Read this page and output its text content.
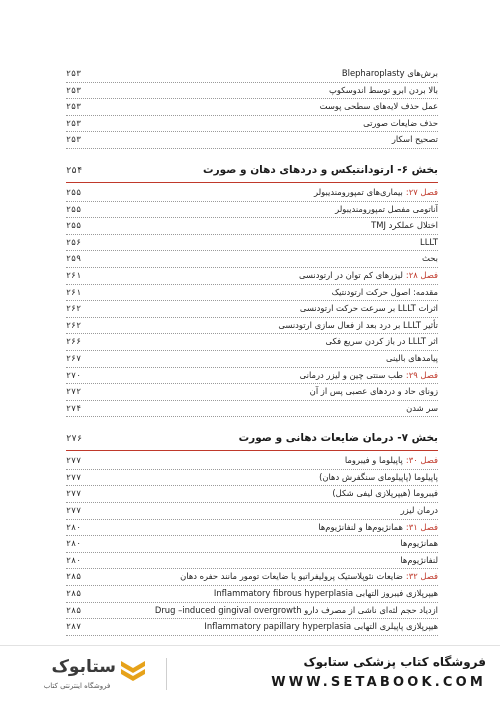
برش‌های Blepharoplasty
۲۵۳
بالا بردن ابرو توسط اندوسکوپ
۲۵۳
عمل حذف لایه‌های سطحی پوست
۲۵۳
حذف ضایعات صورتی
۲۵۳
تصحیح اسکار
۲۵۳
بخش ۶- ارتودانتیکس و دردهای دهان و صورت
۲۵۴
فصل ۲۷:بیماری‌های تمپورومندیبولر
۲۵۵
آناتومی مفصل تمپورومندیبولر
۲۵۵
اختلال عملکرد TMJ
۲۵۵
LLLT
۲۵۶
بحث
۲۵۹
فصل ۲۸:لیزرهای کم توان در ارتودنسی
۲۶۱
مقدمه: اصول حرکت ارتودنتیک
۲۶۱
اثرات LLLT بر سرعت حرکت ارتودنسی
۲۶۲
تأثیر LLLT بر درد بعد از فعال سازی ارتودنسی
۲۶۲
اثر LLLT در باز کردن سریع فکی
۲۶۶
پیامدهای بالینی
۲۶۷
فصل ۲۹:طب سنتی چین و لیزر درمانی
۲۷۰
زونای حاد و دردهای عصبی پس از آن
۲۷۲
سر شدن
۲۷۴
بخش ۷- درمان ضایعات دهانی و صورت
۲۷۶
فصل ۳۰:پاپیلوما و فیبروما
۲۷۷
پاپیلوما (پاپیلومای سنگفرش دهان)
۲۷۷
فیبروما (هیپرپلازی لیفی شکل)
۲۷۷
درمان لیزر
۲۷۷
فصل ۳۱:همانژیوم‌ها و لنفانژیوم‌ها
۲۸۰
همانژیوم‌ها
۲۸۰
لنفانژیوم‌ها
۲۸۰
فصل ۳۲:ضایعات نئوپلاستیک پرولیفراتیو یا ضایعات تومور مانند حفره دهان
۲۸۵
هیپرپلازی فیبروز التهابی Inflammatory fibrous hyperplasia
۲۸۵
ازدیاد حجم لثه‌ای ناشی از مصرف دارو Drug –induced gingival overgrowth
۲۸۵
هیپرپلازی پاپیلری التهابی Inflammatory papillary hyperplasia
۲۸۷
ستابوک
فروشگاه اینترنتی کتاب
فروشگاه کتاب پزشکی ستابوک
WWW.SETABOOK.COM
